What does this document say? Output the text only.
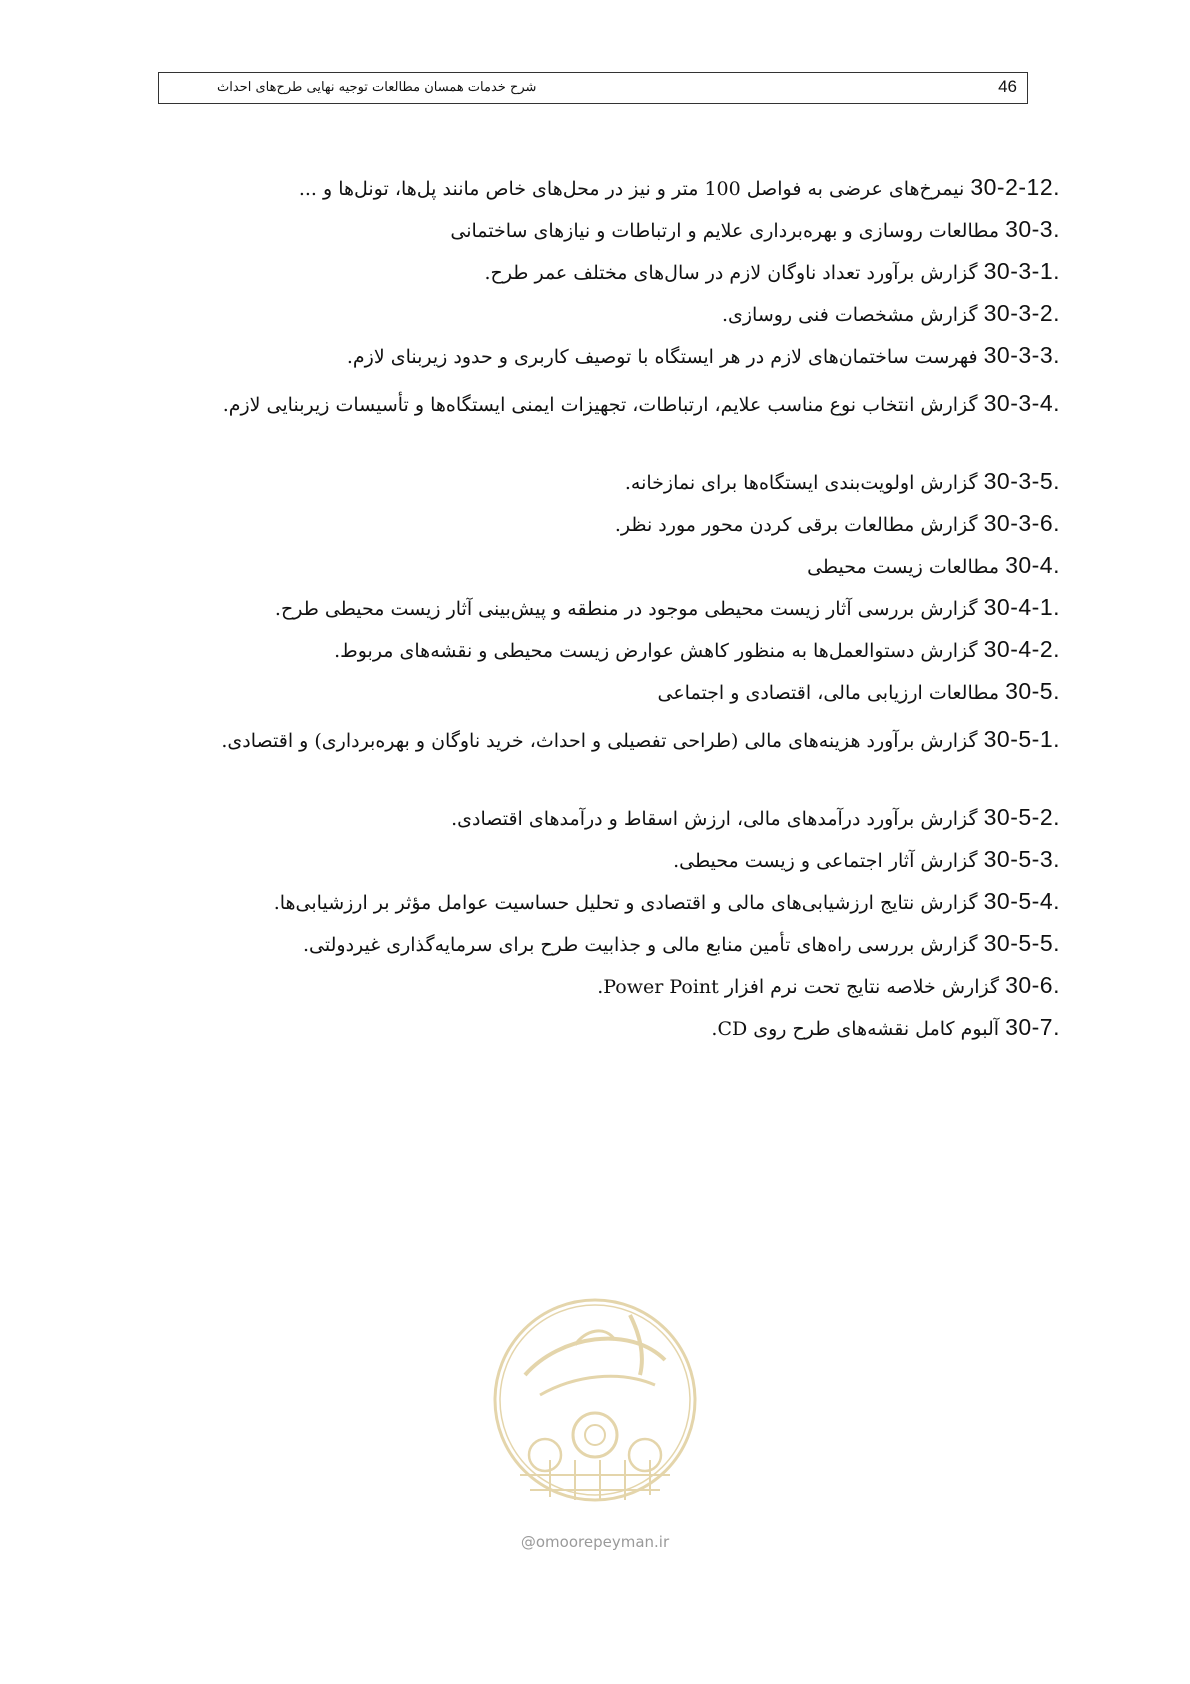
شرح خدمات همسان مطالعات توجیه نهایی طرح‌های احداث	46
30-2-12. نیمرخ‌های عرضی به فواصل 100 متر و نیز در محل‌های خاص مانند پل‌ها، تونل‌ها و ...
30-3. مطالعات روسازی و بهره‌برداری علایم و ارتباطات و نیازهای ساختمانی
30-3-1. گزارش برآورد تعداد ناوگان لازم در سال‌های مختلف عمر طرح.
30-3-2. گزارش مشخصات فنی روسازی.
30-3-3. فهرست ساختمان‌های لازم در هر ایستگاه با توصیف کاربری و حدود زیربنای لازم.
30-3-4. گزارش انتخاب نوع مناسب علایم، ارتباطات، تجهیزات ایمنی ایستگاه‌ها و تأسیسات زیربنایی لازم.
30-3-5. گزارش اولویت‌بندی ایستگاه‌ها برای نمازخانه.
30-3-6. گزارش مطالعات برقی کردن محور مورد نظر.
30-4. مطالعات زیست محیطی
30-4-1. گزارش بررسی آثار زیست محیطی موجود در منطقه و پیش‌بینی آثار زیست محیطی طرح.
30-4-2. گزارش دستوالعمل‌ها به منظور کاهش عوارض زیست محیطی و نقشه‌های مربوط.
30-5. مطالعات ارزیابی مالی، اقتصادی و اجتماعی
30-5-1. گزارش برآورد هزینه‌های مالی (طراحی تفصیلی و احداث، خرید ناوگان و بهره‌برداری) و اقتصادی.
30-5-2. گزارش برآورد درآمدهای مالی، ارزش اسقاط و درآمدهای اقتصادی.
30-5-3. گزارش آثار اجتماعی و زیست محیطی.
30-5-4. گزارش نتایج ارزشیابی‌های مالی و اقتصادی و تحلیل حساسیت عوامل مؤثر بر ارزشیابی‌ها.
30-5-5. گزارش بررسی راه‌های تأمین منابع مالی و جذابیت طرح برای سرمایه‌گذاری غیردولتی.
30-6. گزارش خلاصه نتایج تحت نرم افزار Power Point.
30-7. آلبوم کامل نقشه‌های طرح روی CD.
@omoorepeyman.ir
